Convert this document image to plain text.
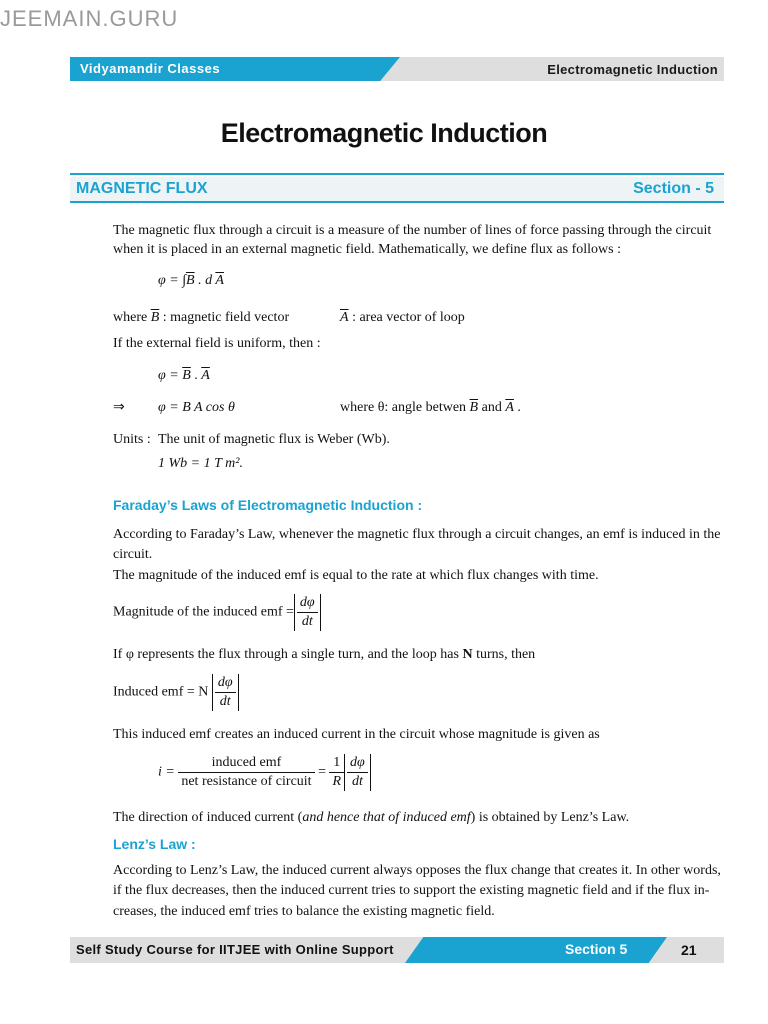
JEEMAIN.GURU
Vidyamandir Classes	Electromagnetic Induction
Electromagnetic Induction
MAGNETIC FLUX	Section - 5
The magnetic flux through a circuit is a measure of the number of lines of force passing through the circuit
when it is placed in an external magnetic field. Mathematically, we define flux as follows :
$\varphi = \int\overline{B}$ . d $\overline{A}$
where $\overline{B}$ : magnetic field vector	$\overline{A}$ : area vector of loop
If the external field is uniform, then :
$\varphi = \overline{B}$ . $\overline{A}$
⇒ φ = B A cos θ	where θ: angle betwen $\overline{B}$ and $\overline{A}$ .
Units : The unit of magnetic flux is Weber (Wb).
1 Wb = 1 T m².
Faraday’s Laws of Electromagnetic Induction :
According to Faraday’s Law, whenever the magnetic flux through a circuit changes, an emf is induced in the
circuit.
The magnitude of the induced emf is equal to the rate at which flux changes with time.
Magnitude of the induced emf = $\frac{d\varphi}{dt}$
If φ represents the flux through a single turn, and the loop has N turns, then
Induced emf = N $\frac{d\varphi}{dt}$
This induced emf creates an induced current in the circuit whose magnitude is given as
$i = \frac{\text{induced emf}}{\text{net resistance of circuit}} = \frac{1}{R} \frac{d\varphi}{dt}$
The direction of induced current (and hence that of induced emf) is obtained by Lenz’s Law.
Lenz’s Law :
According to Lenz’s Law, the induced current always opposes the flux change that creates it. In other words,
if the flux decreases, then the induced current tries to support the existing magnetic field and if the flux in-
creases, the induced emf tries to balance the existing magnetic field.
Self Study Course for IITJEE with Online Support	Section 5	21
